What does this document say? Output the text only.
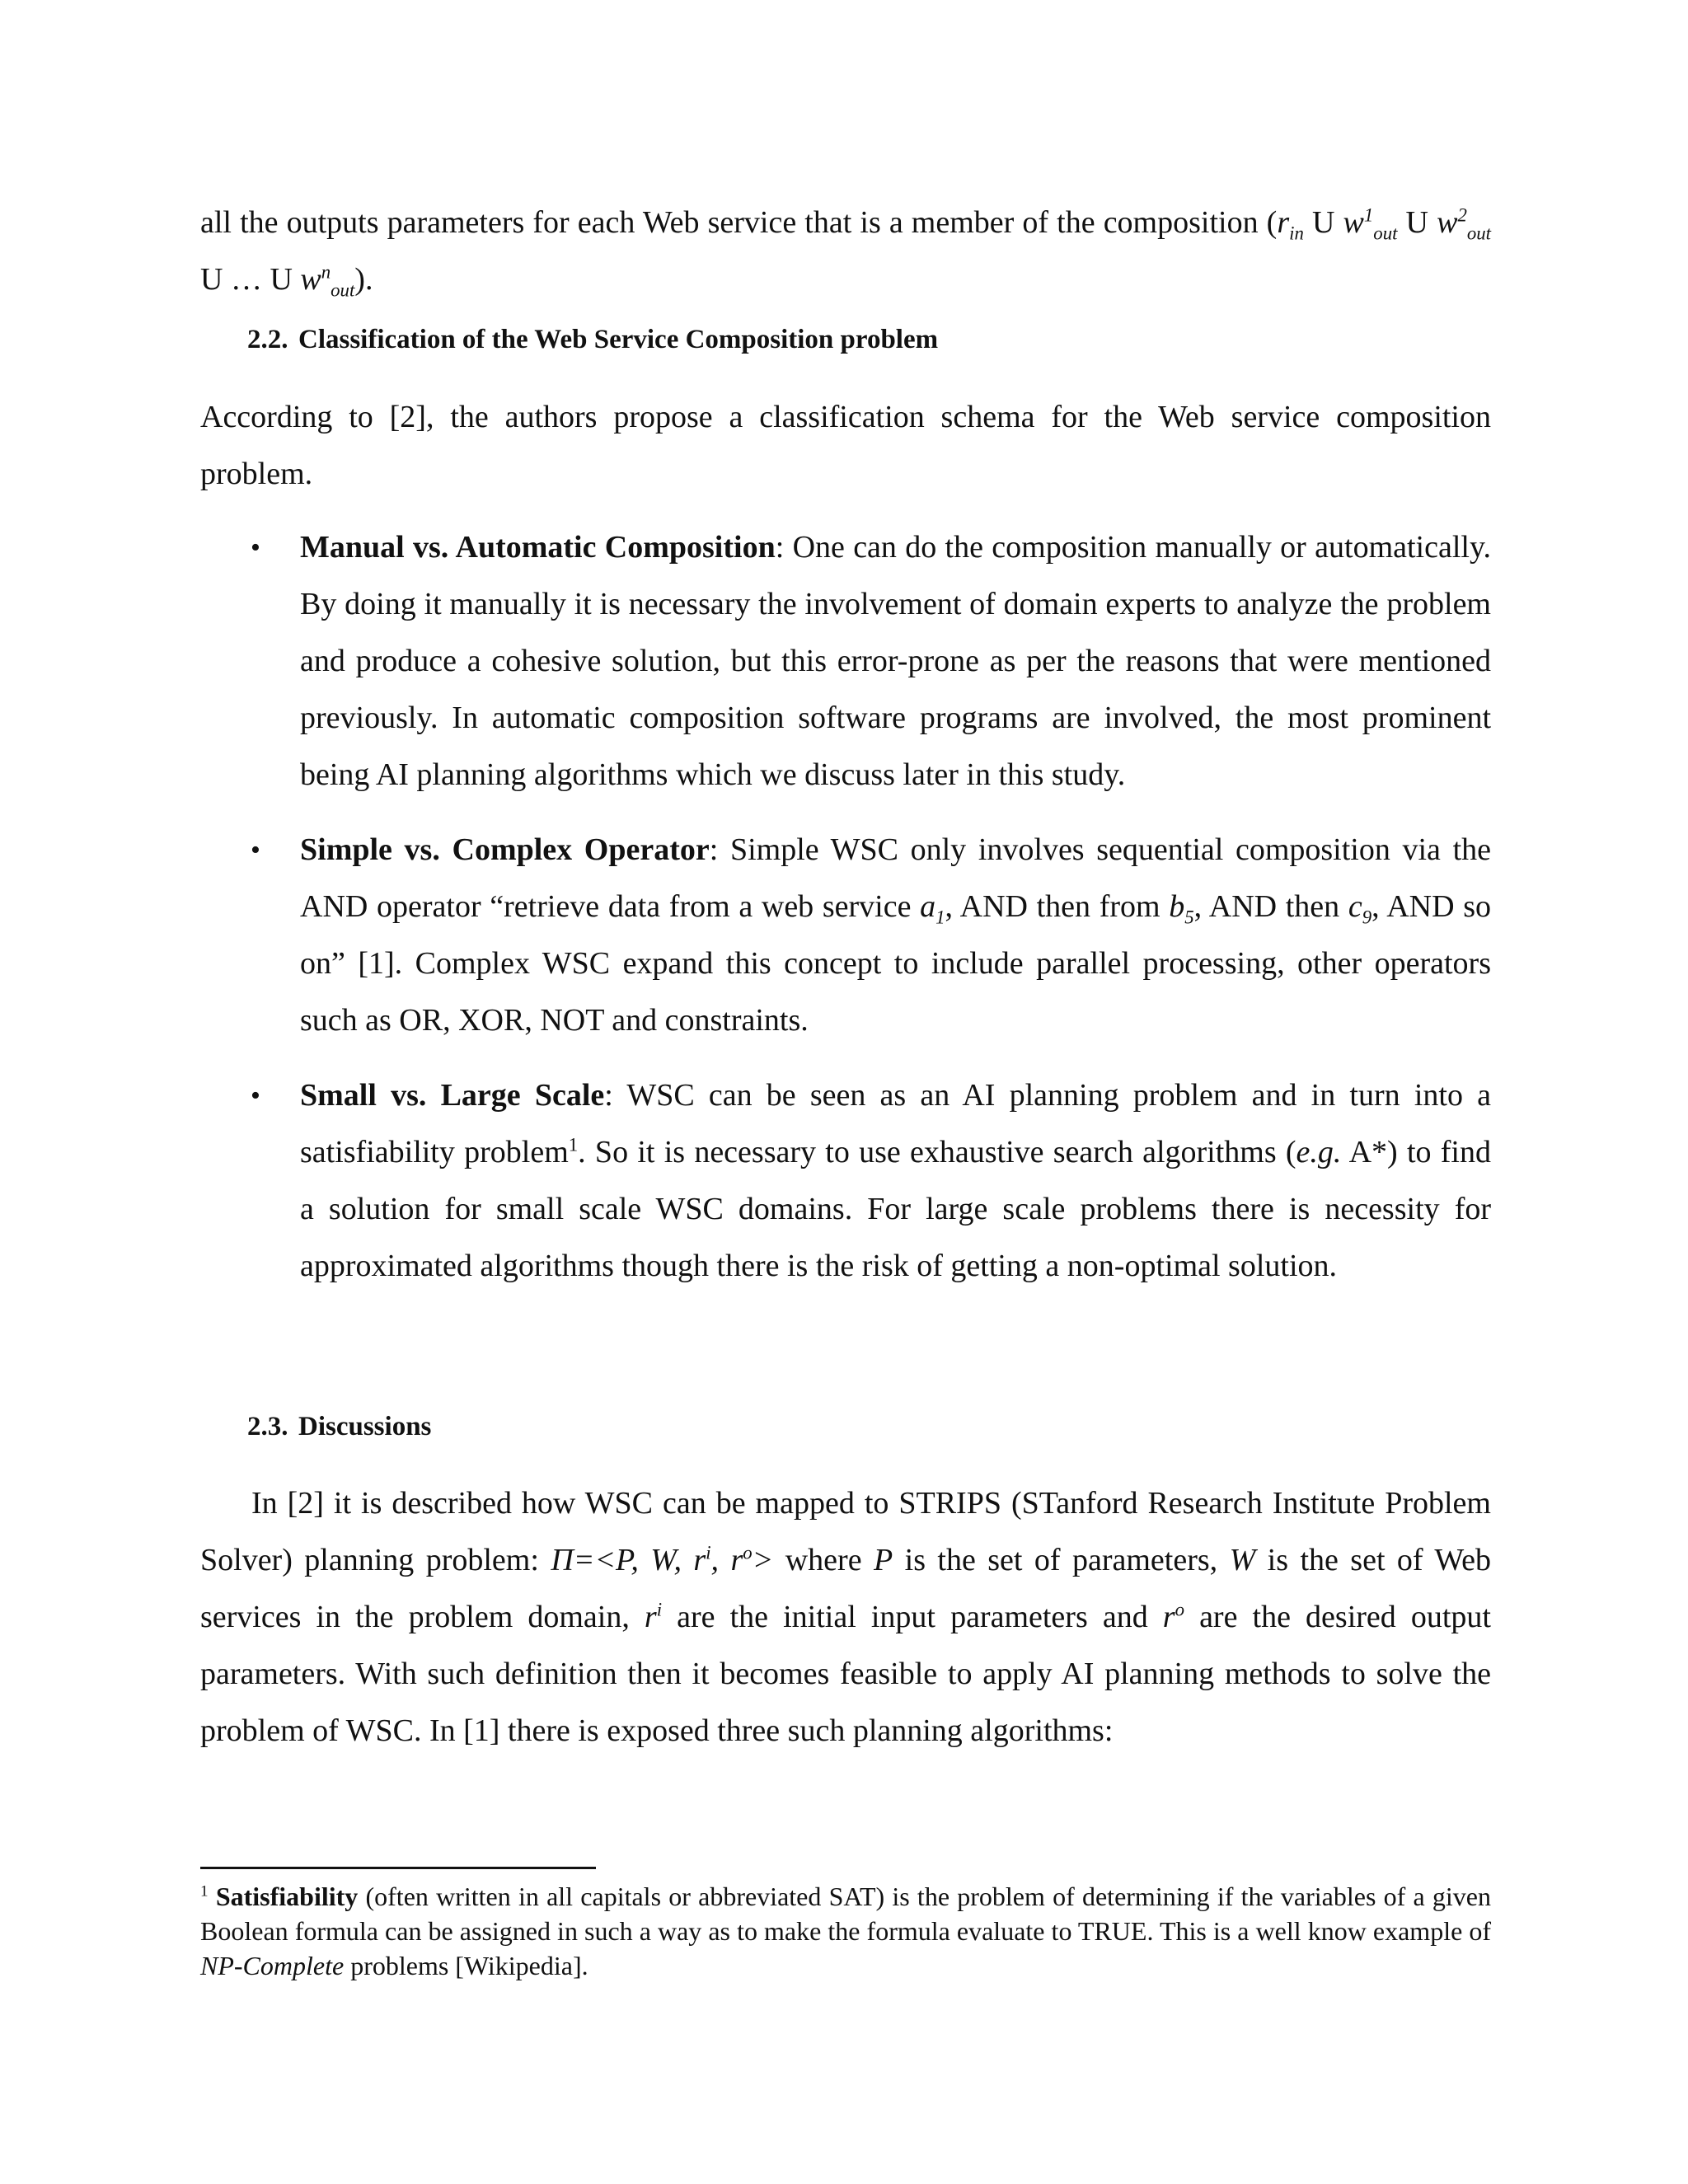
all the outputs parameters for each Web service that is a member of the composition ($r_{in}$ U $w^1_{out}$ U $w^2_{out}$ U … U $w^n_{out}$).

2.2. Classification of the Web Service Composition problem

According to [2], the authors propose a classification schema for the Web service composition problem.

• Manual vs. Automatic Composition: One can do the composition manually or automatically. By doing it manually it is necessary the involvement of domain experts to analyze the problem and produce a cohesive solution, but this error-prone as per the reasons that were mentioned previously. In automatic composition software programs are involved, the most prominent being AI planning algorithms which we discuss later in this study.
• Simple vs. Complex Operator: Simple WSC only involves sequential composition via the AND operator “retrieve data from a web service $a_1$, AND then from $b_5$, AND then $c_9$, AND so on” [1]. Complex WSC expand this concept to include parallel processing, other operators such as OR, XOR, NOT and constraints.
• Small vs. Large Scale: WSC can be seen as an AI planning problem and in turn into a satisfiability problem$^1$. So it is necessary to use exhaustive search algorithms (e.g. A*) to find a solution for small scale WSC domains. For large scale problems there is necessity for approximated algorithms though there is the risk of getting a non-optimal solution.
2.3. Discussions

In [2] it is described how WSC can be mapped to STRIPS (STanford Research Institute Problem Solver) planning problem: Π=<P, W, $r^i$, $r^o>$ where P is the set of parameters, W is the set of Web services in the problem domain, $r^i$ are the initial input parameters and $r^o$ are the desired output parameters. With such definition then it becomes feasible to apply AI planning methods to solve the problem of WSC. In [1] there is exposed three such planning algorithms:

$^1$ Satisfiability (often written in all capitals or abbreviated SAT) is the problem of determining if the variables of a given Boolean formula can be assigned in such a way as to make the formula evaluate to TRUE. This is a well know example of NP-Complete problems [Wikipedia].
